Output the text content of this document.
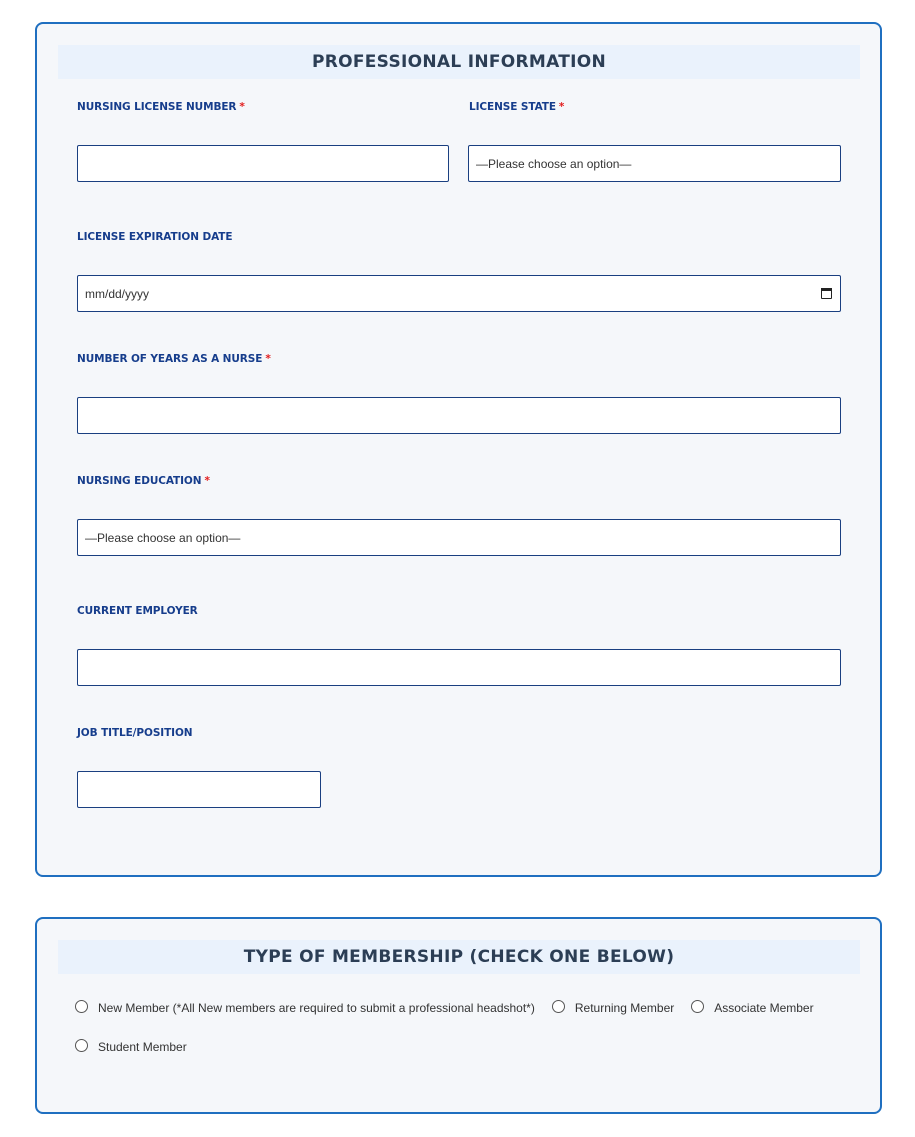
PROFESSIONAL INFORMATION
NURSING LICENSE NUMBER *	LICENSE STATE *
—Please choose an option—
LICENSE EXPIRATION DATE
mm/dd/yyyy
NUMBER OF YEARS AS A NURSE *
NURSING EDUCATION *
—Please choose an option—
CURRENT EMPLOYER
JOB TITLE/POSITION
TYPE OF MEMBERSHIP (CHECK ONE BELOW)
New Member (*All New members are required to submit a professional headshot*)	Returning Member	Associate Member
Student Member
